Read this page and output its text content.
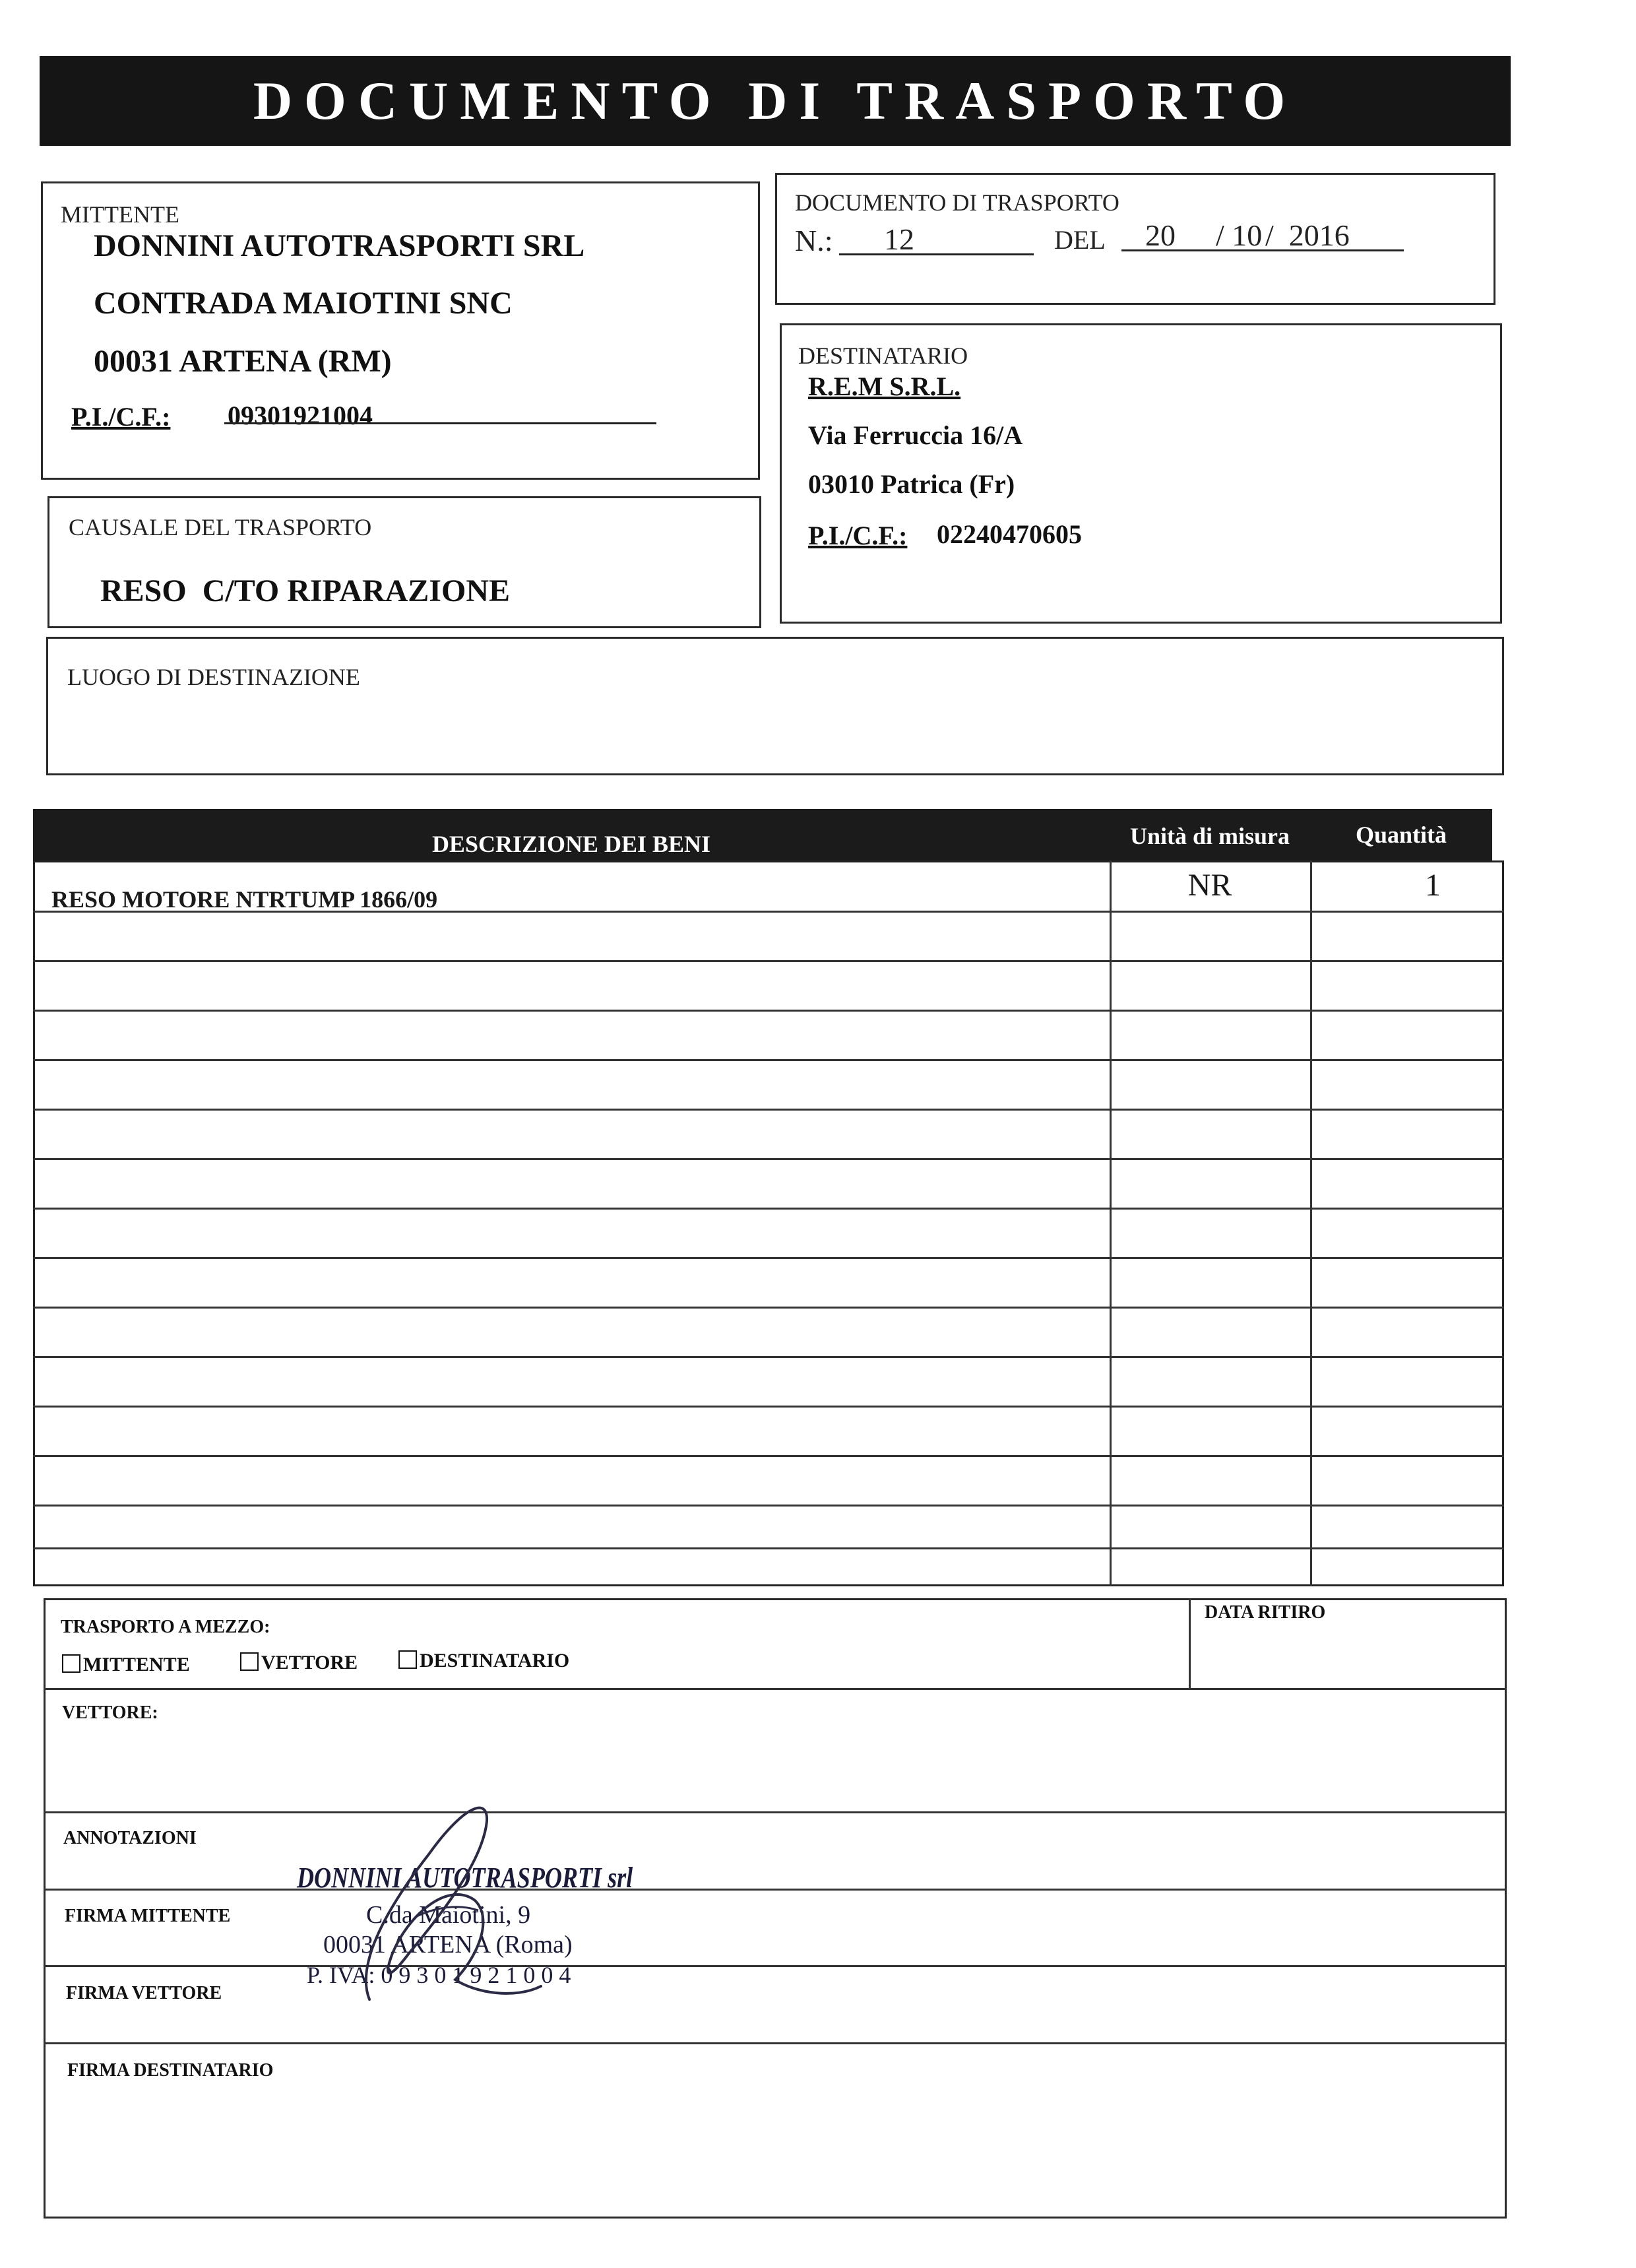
DOCUMENTO DI TRASPORTO
MITTENTE
DONNINI AUTOTRASPORTI SRL
CONTRADA MAIOTINI SNC
00031 ARTENA (RM)
P.I./C.F.: 09301921004
DOCUMENTO DI TRASPORTO
N.: 12	DEL 20 / 10 /  2016
DESTINATARIO
R.E.M S.R.L.
Via Ferruccia 16/A
03010 Patrica (Fr)
P.I./C.F.: 02240470605
CAUSALE DEL TRASPORTO
RESO  C/TO RIPARAZIONE
LUOGO DI DESTINAZIONE
DESCRIZIONE DEI BENI	Unità di misura	Quantità
RESO MOTORE NTRTUMP 1866/09	NR	1
TRASPORTO A MEZZO:
DATA RITIRO
MITTENTE	VETTORE	DESTINATARIO
VETTORE:
ANNOTAZIONI
FIRMA MITTENTE
FIRMA VETTORE
FIRMA DESTINATARIO
DONNINI AUTOTRASPORTI srl
C.da Maiotini, 9
00031 ARTENA (Roma)
P. IVA: 0 9 3 0 1 9 2 1 0 0 4
